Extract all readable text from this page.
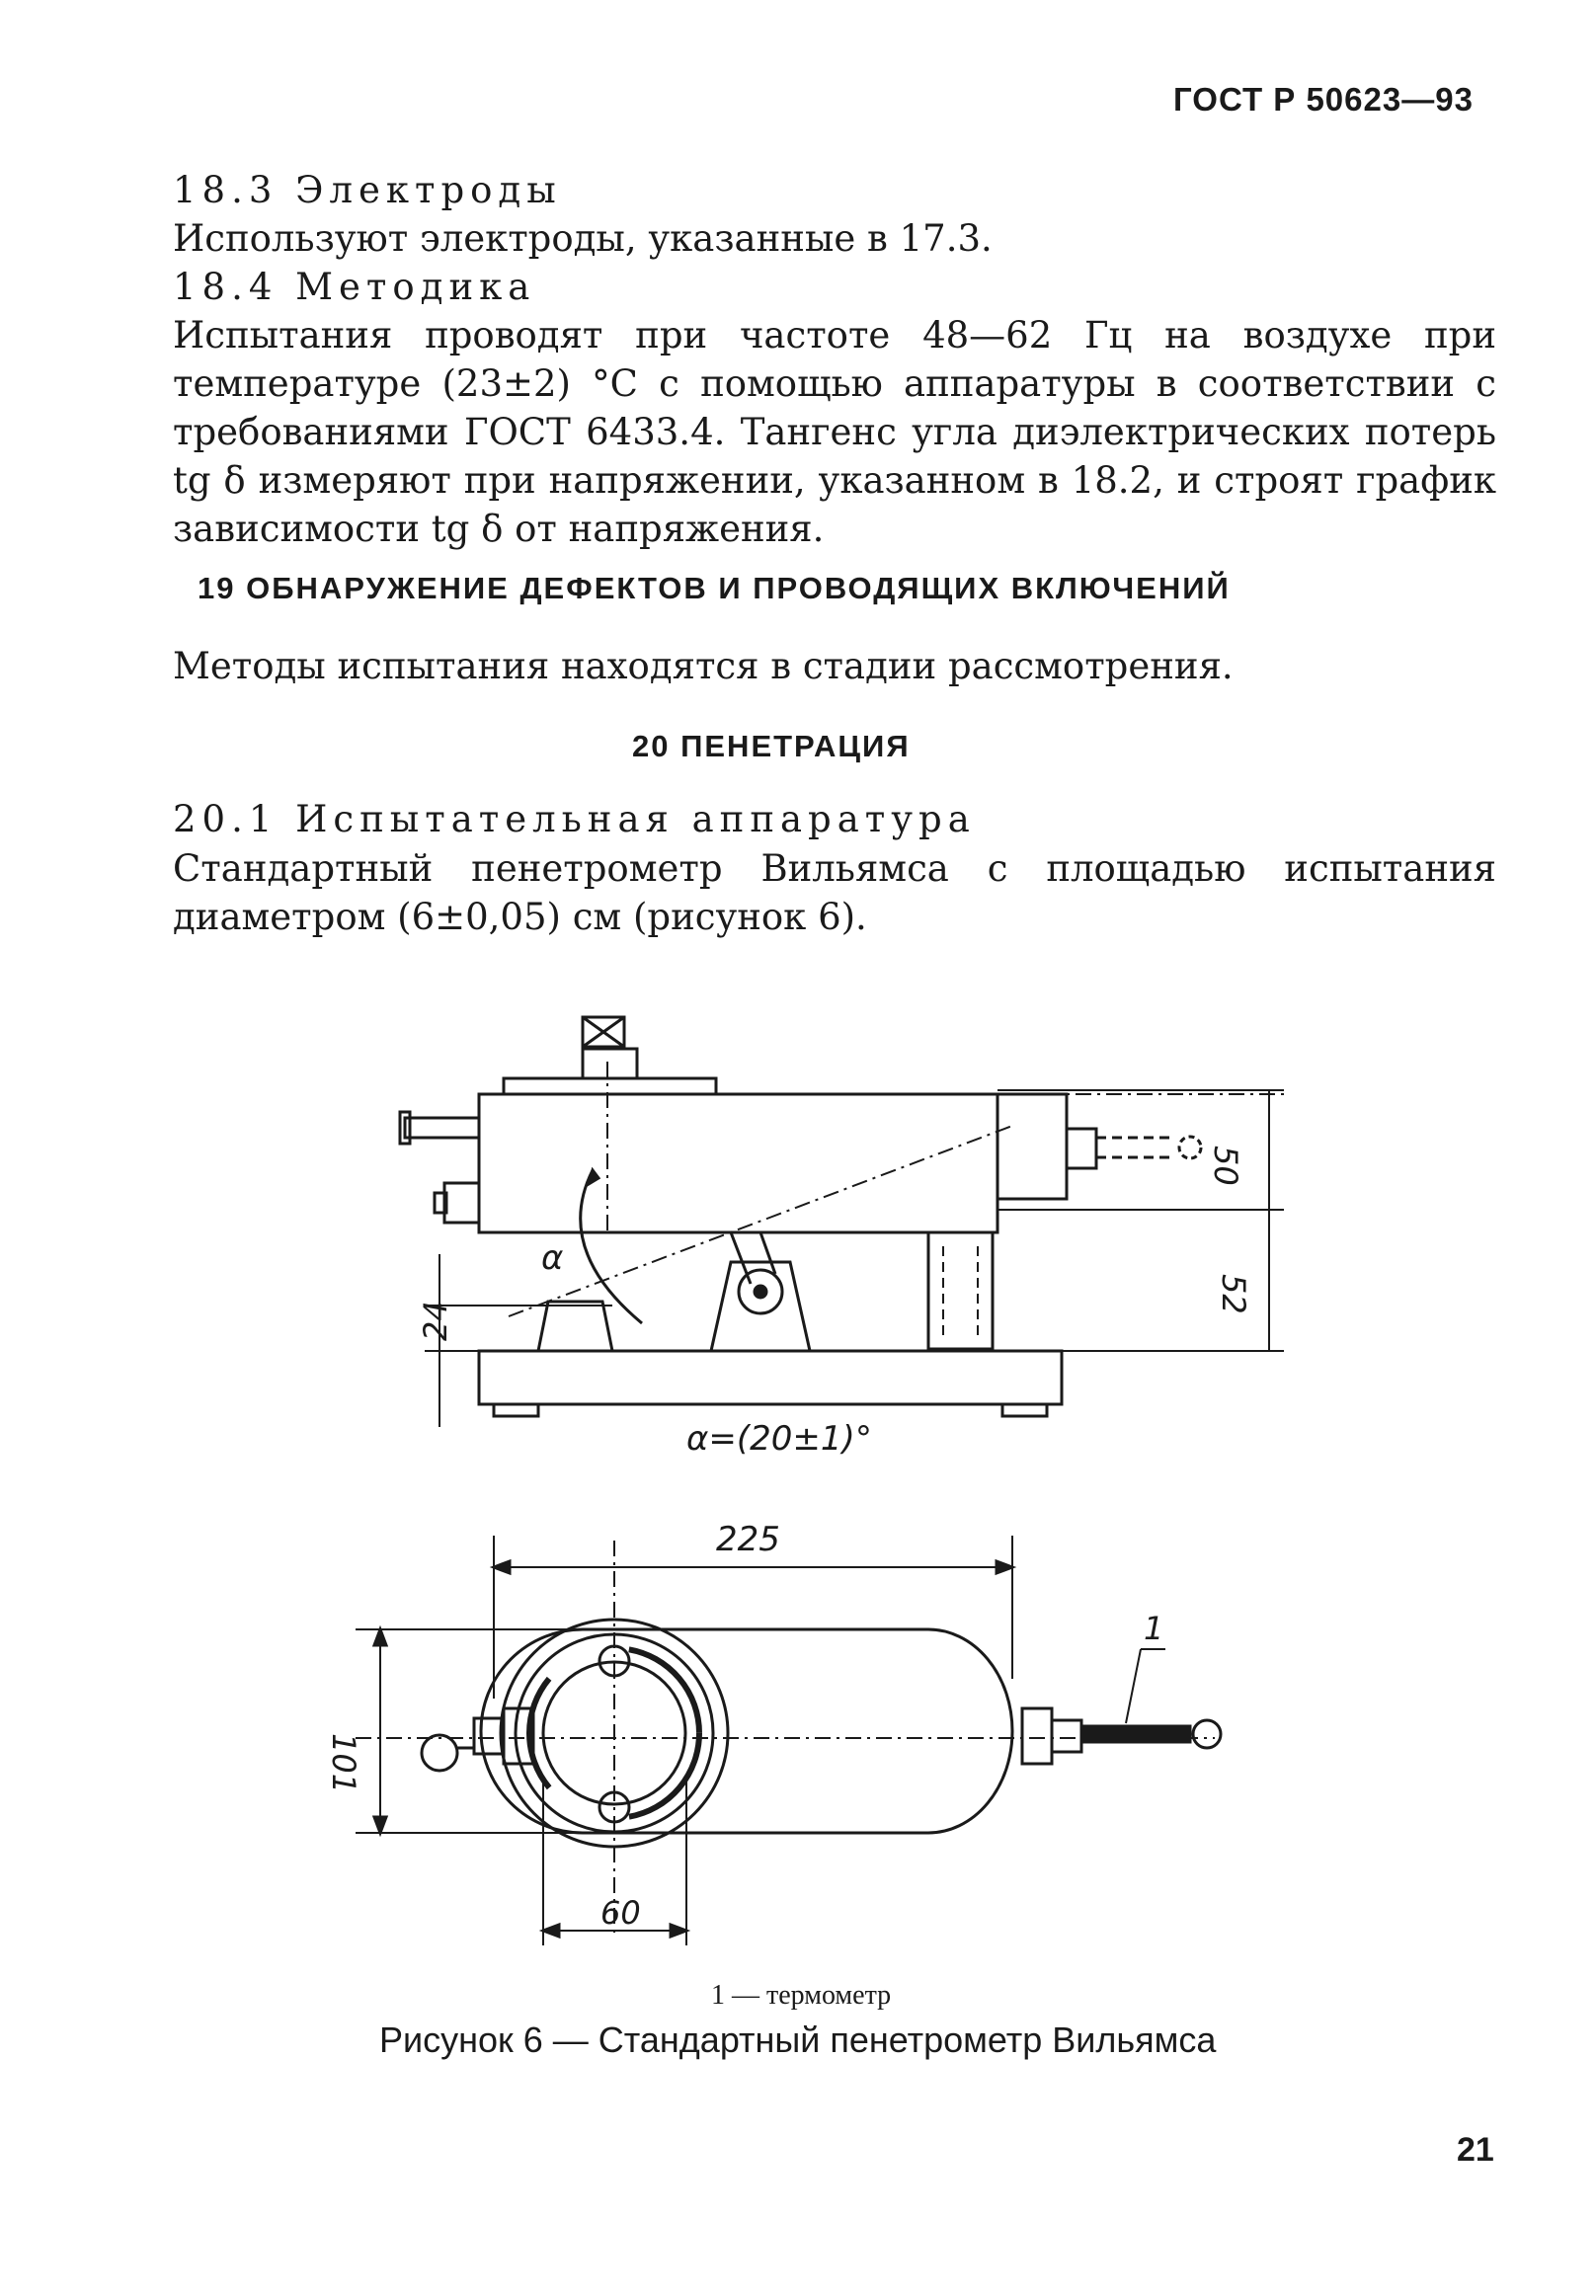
ГОСТ Р 50623—93
18.3 Электроды
Используют электроды, указанные в 17.3.
18.4 Методика
Испытания проводят при частоте 48—62 Гц на воздухе при температуре (23±2) °С с помощью аппаратуры в соответствии с требованиями ГОСТ 6433.4. Тангенс угла диэлектрических потерь tg δ измеряют при напряжении, указанном в 18.2, и строят график зависимости tg δ от напряжения.
19 ОБНАРУЖЕНИЕ ДЕФЕКТОВ И ПРОВОДЯЩИХ ВКЛЮЧЕНИЙ
Методы испытания находятся в стадии рассмотрения.
20 ПЕНЕТРАЦИЯ
20.1 Испытательная аппаратура
Стандартный пенетрометр Вильямса с площадью испытания диаметром (6±0,05) см (рисунок 6).
50
52
24
α
α=(20±1)°
225
101
60
1
1 — термометр
Рисунок 6 — Стандартный пенетрометр Вильямса
21
